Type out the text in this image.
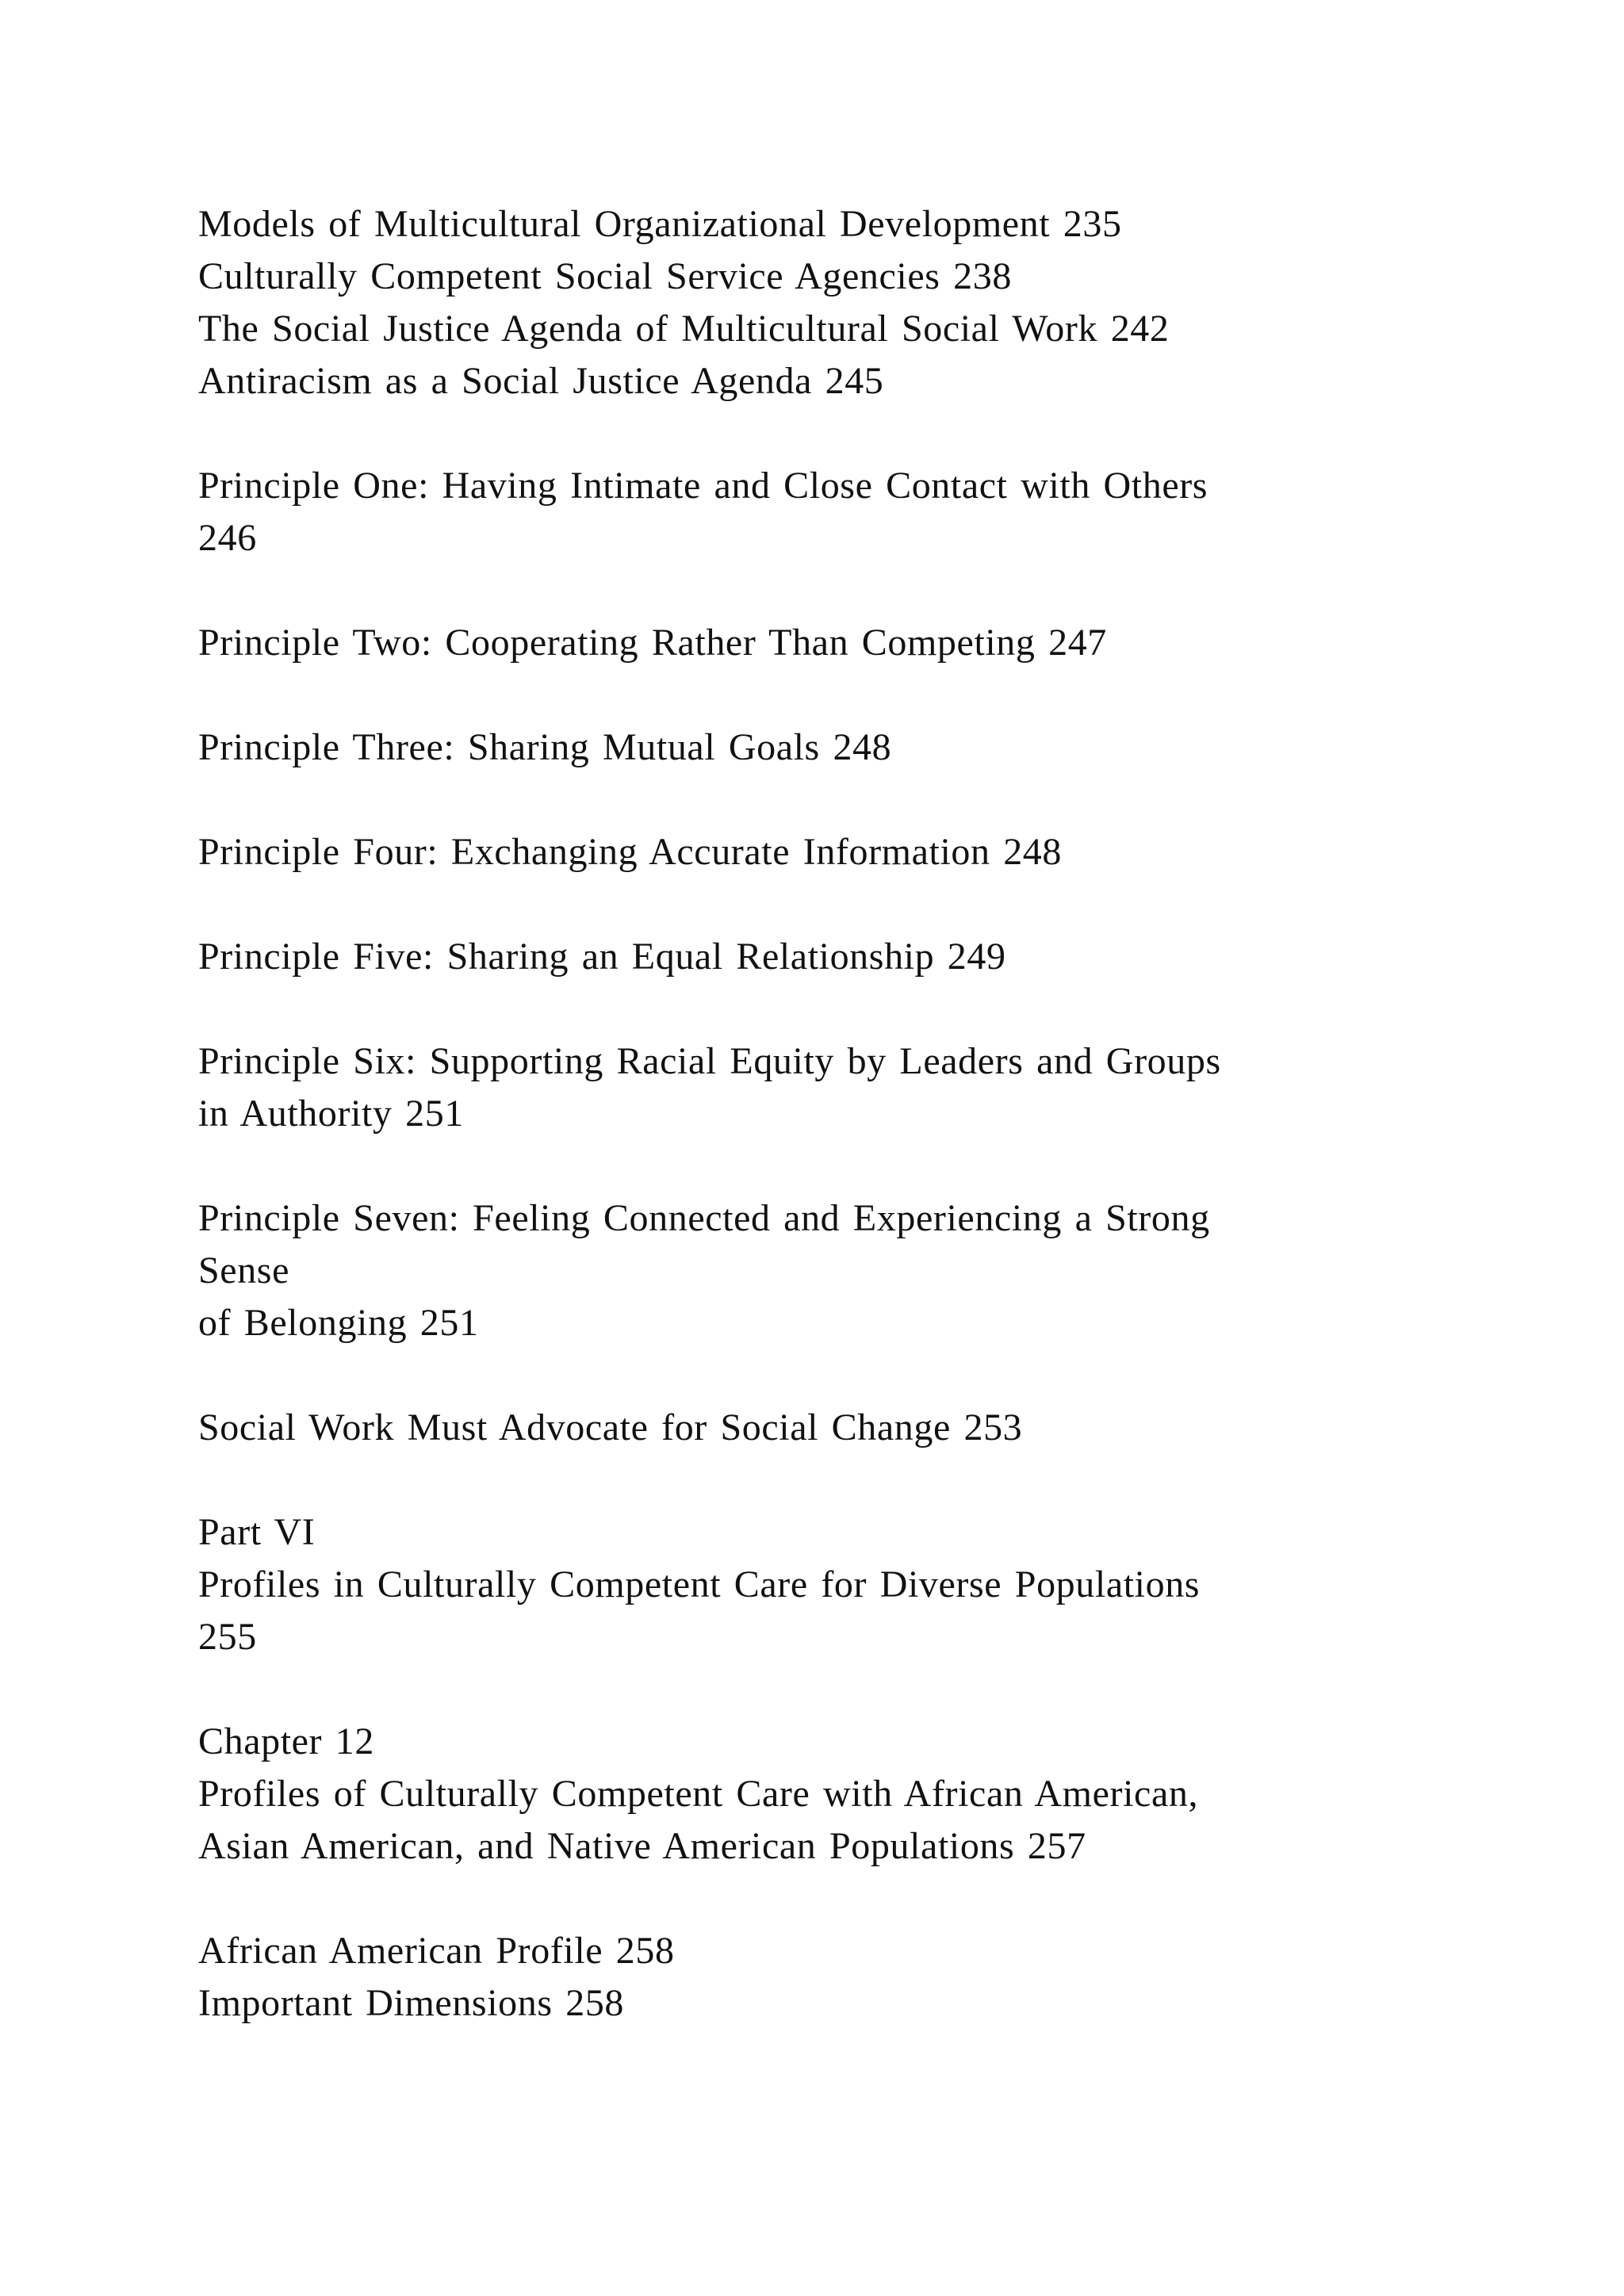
Models of Multicultural Organizational Development 235
Culturally Competent Social Service Agencies 238
The Social Justice Agenda of Multicultural Social Work 242
Antiracism as a Social Justice Agenda 245
Principle One: Having Intimate and Close Contact with Others
246
Principle Two: Cooperating Rather Than Competing 247
Principle Three: Sharing Mutual Goals 248
Principle Four: Exchanging Accurate Information 248
Principle Five: Sharing an Equal Relationship 249
Principle Six: Supporting Racial Equity by Leaders and Groups
in Authority 251
Principle Seven: Feeling Connected and Experiencing a Strong
Sense
of Belonging 251
Social Work Must Advocate for Social Change 253
Part VI
Profiles in Culturally Competent Care for Diverse Populations
255
Chapter 12
Profiles of Culturally Competent Care with African American,
Asian American, and Native American Populations 257
African American Profile 258
Important Dimensions 258
